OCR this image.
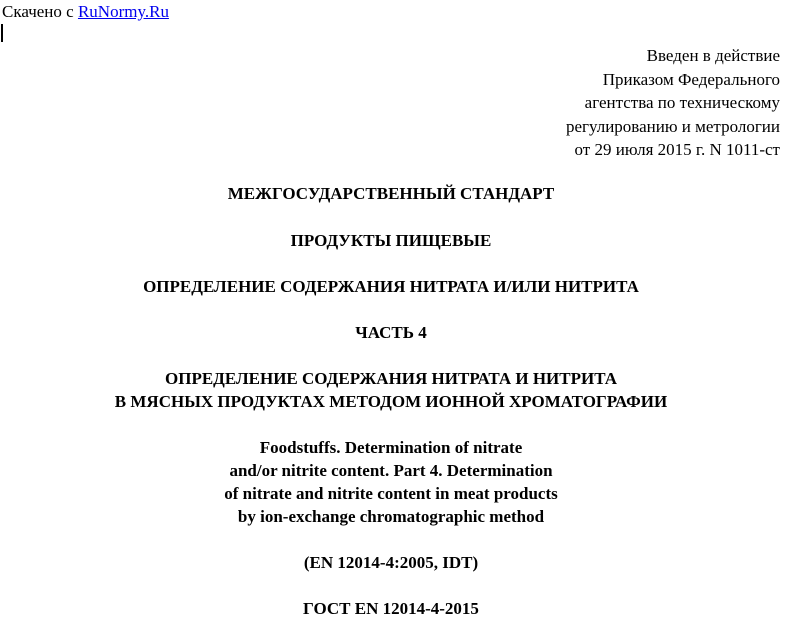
Скачено с RuNormy.Ru
Введен в действие
Приказом Федерального
агентства по техническому
регулированию и метрологии
от 29 июля 2015 г. N 1011-ст
МЕЖГОСУДАРСТВЕННЫЙ СТАНДАРТ
ПРОДУКТЫ ПИЩЕВЫЕ
ОПРЕДЕЛЕНИЕ СОДЕРЖАНИЯ НИТРАТА И/ИЛИ НИТРИТА
ЧАСТЬ 4
ОПРЕДЕЛЕНИЕ СОДЕРЖАНИЯ НИТРАТА И НИТРИТА
В МЯСНЫХ ПРОДУКТАХ МЕТОДОМ ИОННОЙ ХРОМАТОГРАФИИ
Foodstuffs. Determination of nitrate
and/or nitrite content. Part 4. Determination
of nitrate and nitrite content in meat products
by ion-exchange chromatographic method
(EN 12014-4:2005, IDT)
ГОСТ EN 12014-4-2015
